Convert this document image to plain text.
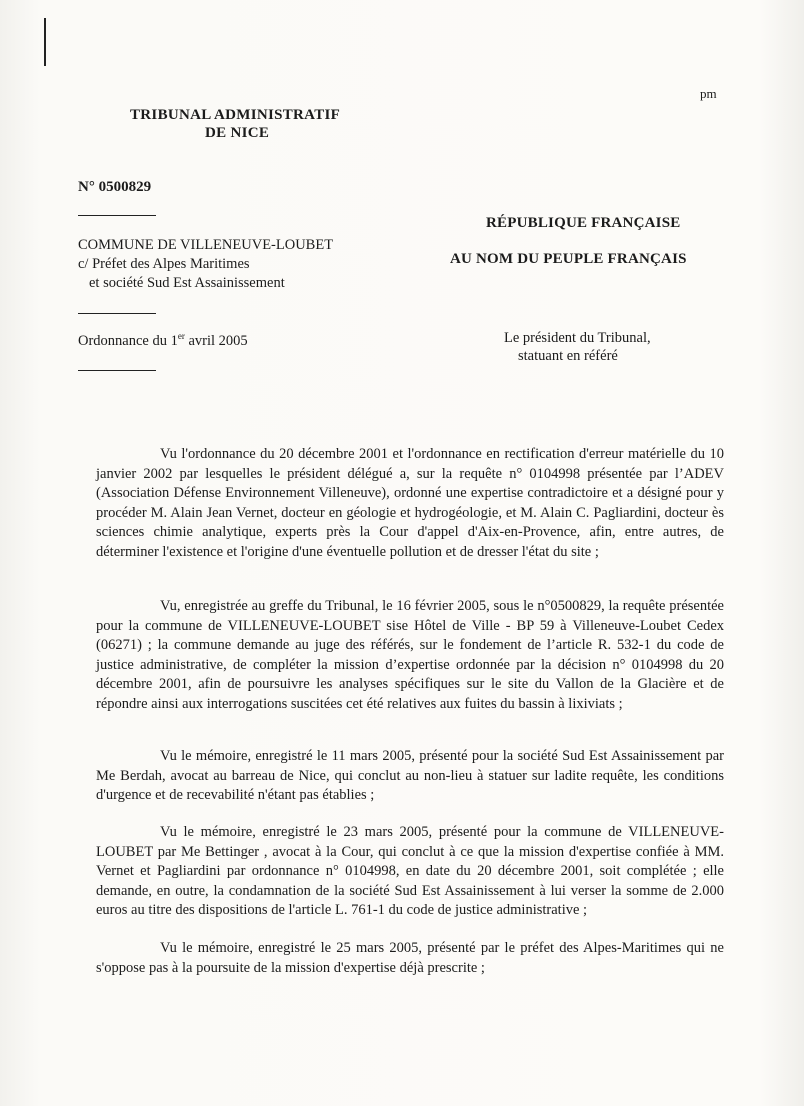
pm
TRIBUNAL ADMINISTRATIF
DE NICE
N° 0500829
RÉPUBLIQUE FRANÇAISE
AU NOM DU PEUPLE FRANÇAIS
COMMUNE DE VILLENEUVE-LOUBET
c/ Préfet des Alpes Maritimes
et société Sud Est Assainissement
Ordonnance du 1er avril 2005	Le président du Tribunal,
statuant en référé
Vu l'ordonnance du 20 décembre 2001 et l'ordonnance en rectification d'erreur matérielle du 10 janvier 2002 par lesquelles le président délégué a, sur la requête n° 0104998 présentée par l’ADEV (Association Défense Environnement Villeneuve), ordonné une expertise contradictoire et a désigné pour y procéder M. Alain Jean Vernet, docteur en géologie et hydrogéologie, et M. Alain C. Pagliardini, docteur ès sciences chimie analytique, experts près la Cour d'appel d'Aix-en-Provence, afin, entre autres, de déterminer l'existence et l'origine d'une éventuelle pollution et de dresser l'état du site ;
Vu, enregistrée au greffe du Tribunal, le 16 février 2005, sous le n°0500829, la requête présentée pour la commune de VILLENEUVE-LOUBET sise Hôtel de Ville - BP 59 à Villeneuve-Loubet Cedex (06271) ; la commune demande au juge des référés, sur le fondement de l’article R. 532-1 du code de justice administrative, de compléter la mission d’expertise ordonnée par la décision n° 0104998 du 20 décembre 2001, afin de poursuivre les analyses spécifiques sur le site du Vallon de la Glacière et de répondre ainsi aux interrogations suscitées cet été relatives aux fuites du bassin à lixiviats ;
Vu le mémoire, enregistré le 11 mars 2005, présenté pour la société Sud Est Assainissement par Me Berdah, avocat au barreau de Nice, qui conclut au non-lieu à statuer sur ladite requête, les conditions d'urgence et de recevabilité n'étant pas établies ;
Vu le mémoire, enregistré le 23 mars 2005, présenté pour la commune de VILLENEUVE-LOUBET par Me Bettinger , avocat à la Cour, qui conclut à ce que la mission d'expertise confiée à MM. Vernet et Pagliardini par ordonnance n° 0104998, en date du 20 décembre 2001, soit complétée ; elle demande, en outre, la condamnation de la société Sud Est Assainissement à lui verser la somme de 2.000 euros au titre des dispositions de l'article L. 761-1 du code de justice administrative ;
Vu le mémoire, enregistré le 25 mars 2005, présenté par le préfet des Alpes-Maritimes qui ne s'oppose pas à la poursuite de la mission d'expertise déjà prescrite ;
